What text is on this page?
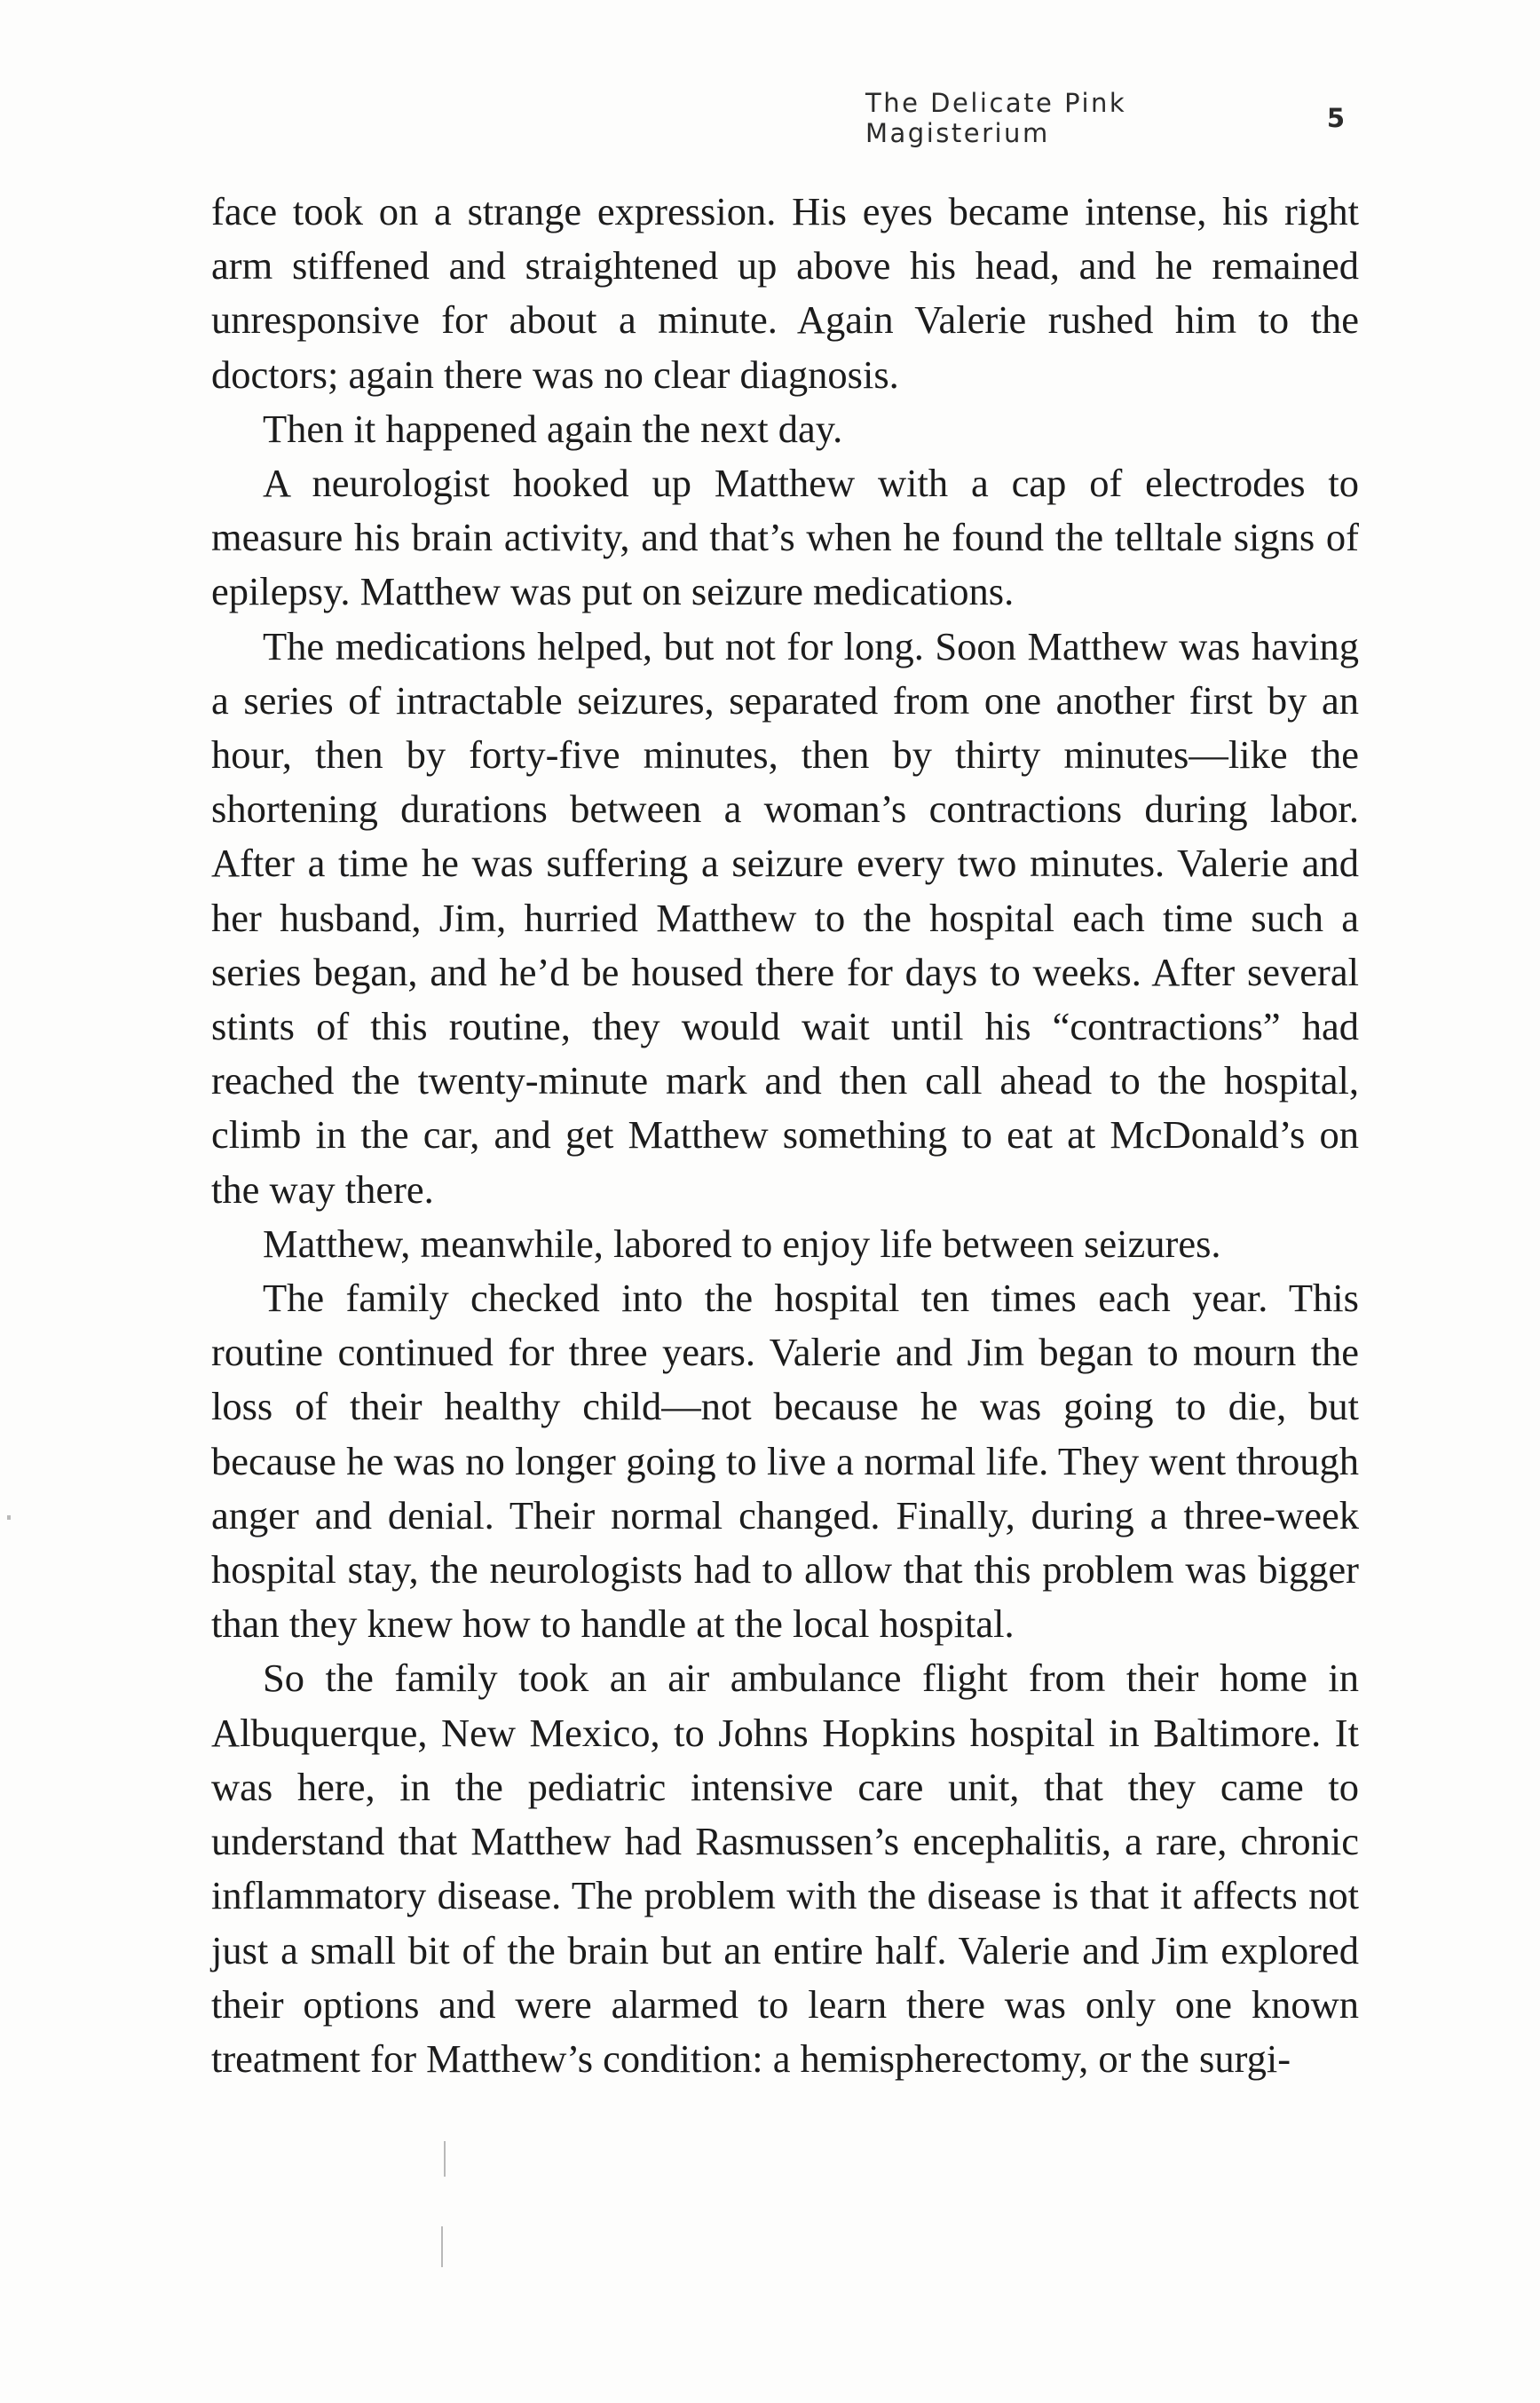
The Delicate Pink Magisterium	5

face took on a strange expression. His eyes became intense, his right arm stiffened and straightened up above his head, and he remained unresponsive for about a minute. Again Valerie rushed him to the doctors; again there was no clear diagnosis.

Then it happened again the next day.

A neurologist hooked up Matthew with a cap of electrodes to measure his brain activity, and that’s when he found the telltale signs of epilepsy. Matthew was put on seizure medications.

The medications helped, but not for long. Soon Matthew was having a series of intractable seizures, separated from one another first by an hour, then by forty-five minutes, then by thirty minutes—like the shortening durations between a woman’s contractions during labor. After a time he was suffering a seizure every two minutes. Valerie and her husband, Jim, hurried Matthew to the hospital each time such a series began, and he’d be housed there for days to weeks. After several stints of this routine, they would wait until his “contractions” had reached the twenty-minute mark and then call ahead to the hospital, climb in the car, and get Matthew something to eat at McDonald’s on the way there.

Matthew, meanwhile, labored to enjoy life between seizures.

The family checked into the hospital ten times each year. This routine continued for three years. Valerie and Jim began to mourn the loss of their healthy child—not because he was going to die, but because he was no longer going to live a normal life. They went through anger and denial. Their normal changed. Finally, during a three-week hospital stay, the neurologists had to allow that this problem was bigger than they knew how to handle at the local hospital.

So the family took an air ambulance flight from their home in Albuquerque, New Mexico, to Johns Hopkins hospital in Baltimore. It was here, in the pediatric intensive care unit, that they came to understand that Matthew had Rasmussen’s encephalitis, a rare, chronic inflammatory disease. The problem with the disease is that it affects not just a small bit of the brain but an entire half. Valerie and Jim explored their options and were alarmed to learn there was only one known treatment for Matthew’s condition: a hemispherectomy, or the surgi-
